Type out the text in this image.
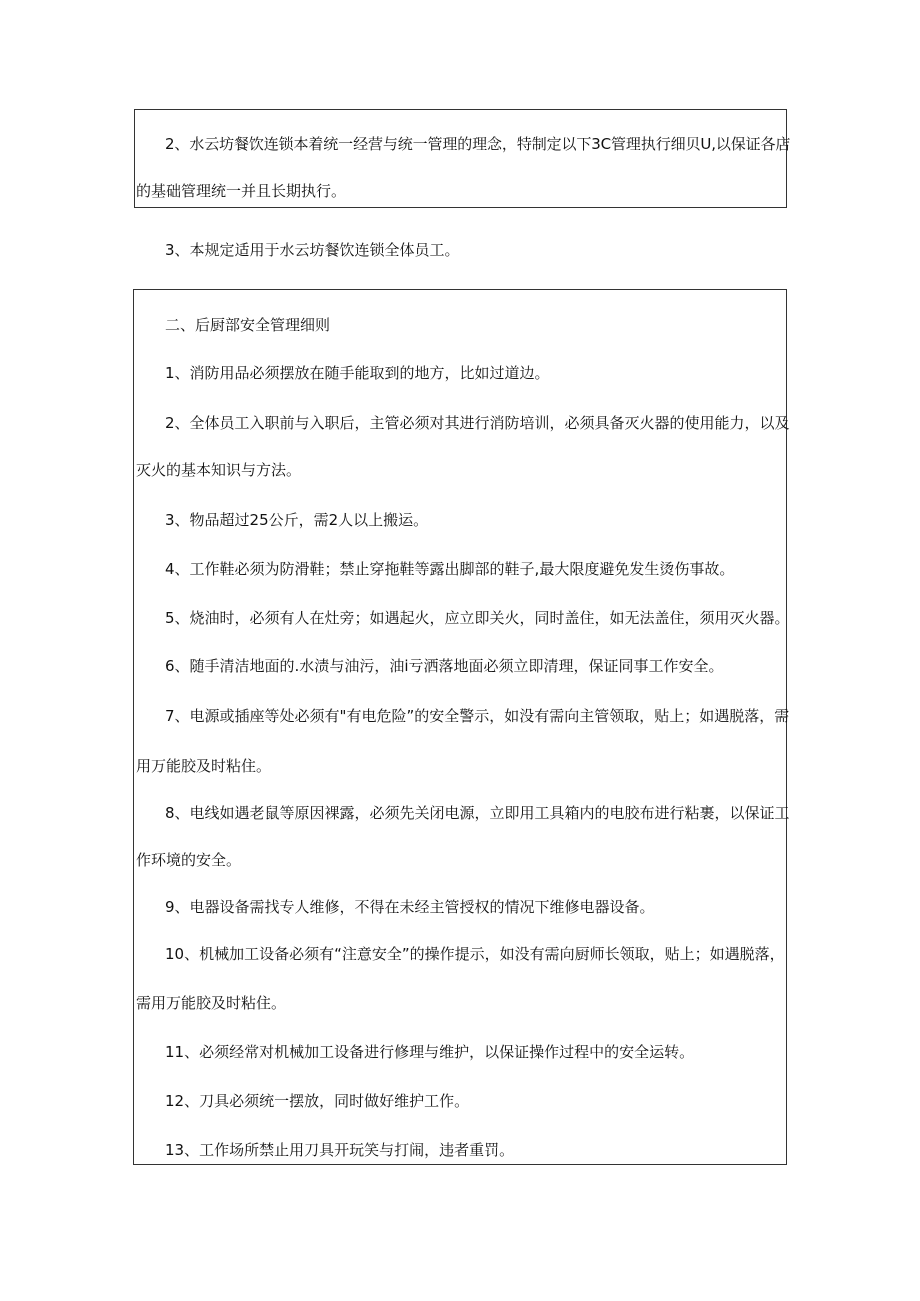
2、水云坊餐饮连锁本着统一经营与统一管理的理念，特制定以下3C管理执行细贝U,以保证各店
的基础管理统一并且长期执行。
3、本规定适用于水云坊餐饮连锁全体员工。
二、后厨部安全管理细则
1、消防用品必须摆放在随手能取到的地方，比如过道边。
2、全体员工入职前与入职后，主管必须对其进行消防培训，必须具备灭火器的使用能力，以及
灭火的基本知识与方法。
3、物品超过25公斤，需2人以上搬运。
4、工作鞋必须为防滑鞋；禁止穿拖鞋等露出脚部的鞋子,最大限度避免发生烫伤事故。
5、烧油时，必须有人在灶旁；如遇起火，应立即关火，同时盖住，如无法盖住，须用灭火器。
6、随手清洁地面的.水渍与油污，油i亏洒落地面必须立即清理，保证同事工作安全。
7、电源或插座等处必须有"有电危险”的安全警示，如没有需向主管领取，贴上；如遇脱落，需
用万能胶及时粘住。
8、电线如遇老鼠等原因裸露，必须先关闭电源，立即用工具箱内的电胶布进行粘裹，以保证工
作环境的安全。
9、电器设备需找专人维修，不得在未经主管授权的情况下维修电器设备。
10、机械加工设备必须有“注意安全”的操作提示，如没有需向厨师长领取，贴上；如遇脱落，
需用万能胶及时粘住。
11、必须经常对机械加工设备进行修理与维护，以保证操作过程中的安全运转。
12、刀具必须统一摆放，同时做好维护工作。
13、工作场所禁止用刀具开玩笑与打闹，违者重罚。
